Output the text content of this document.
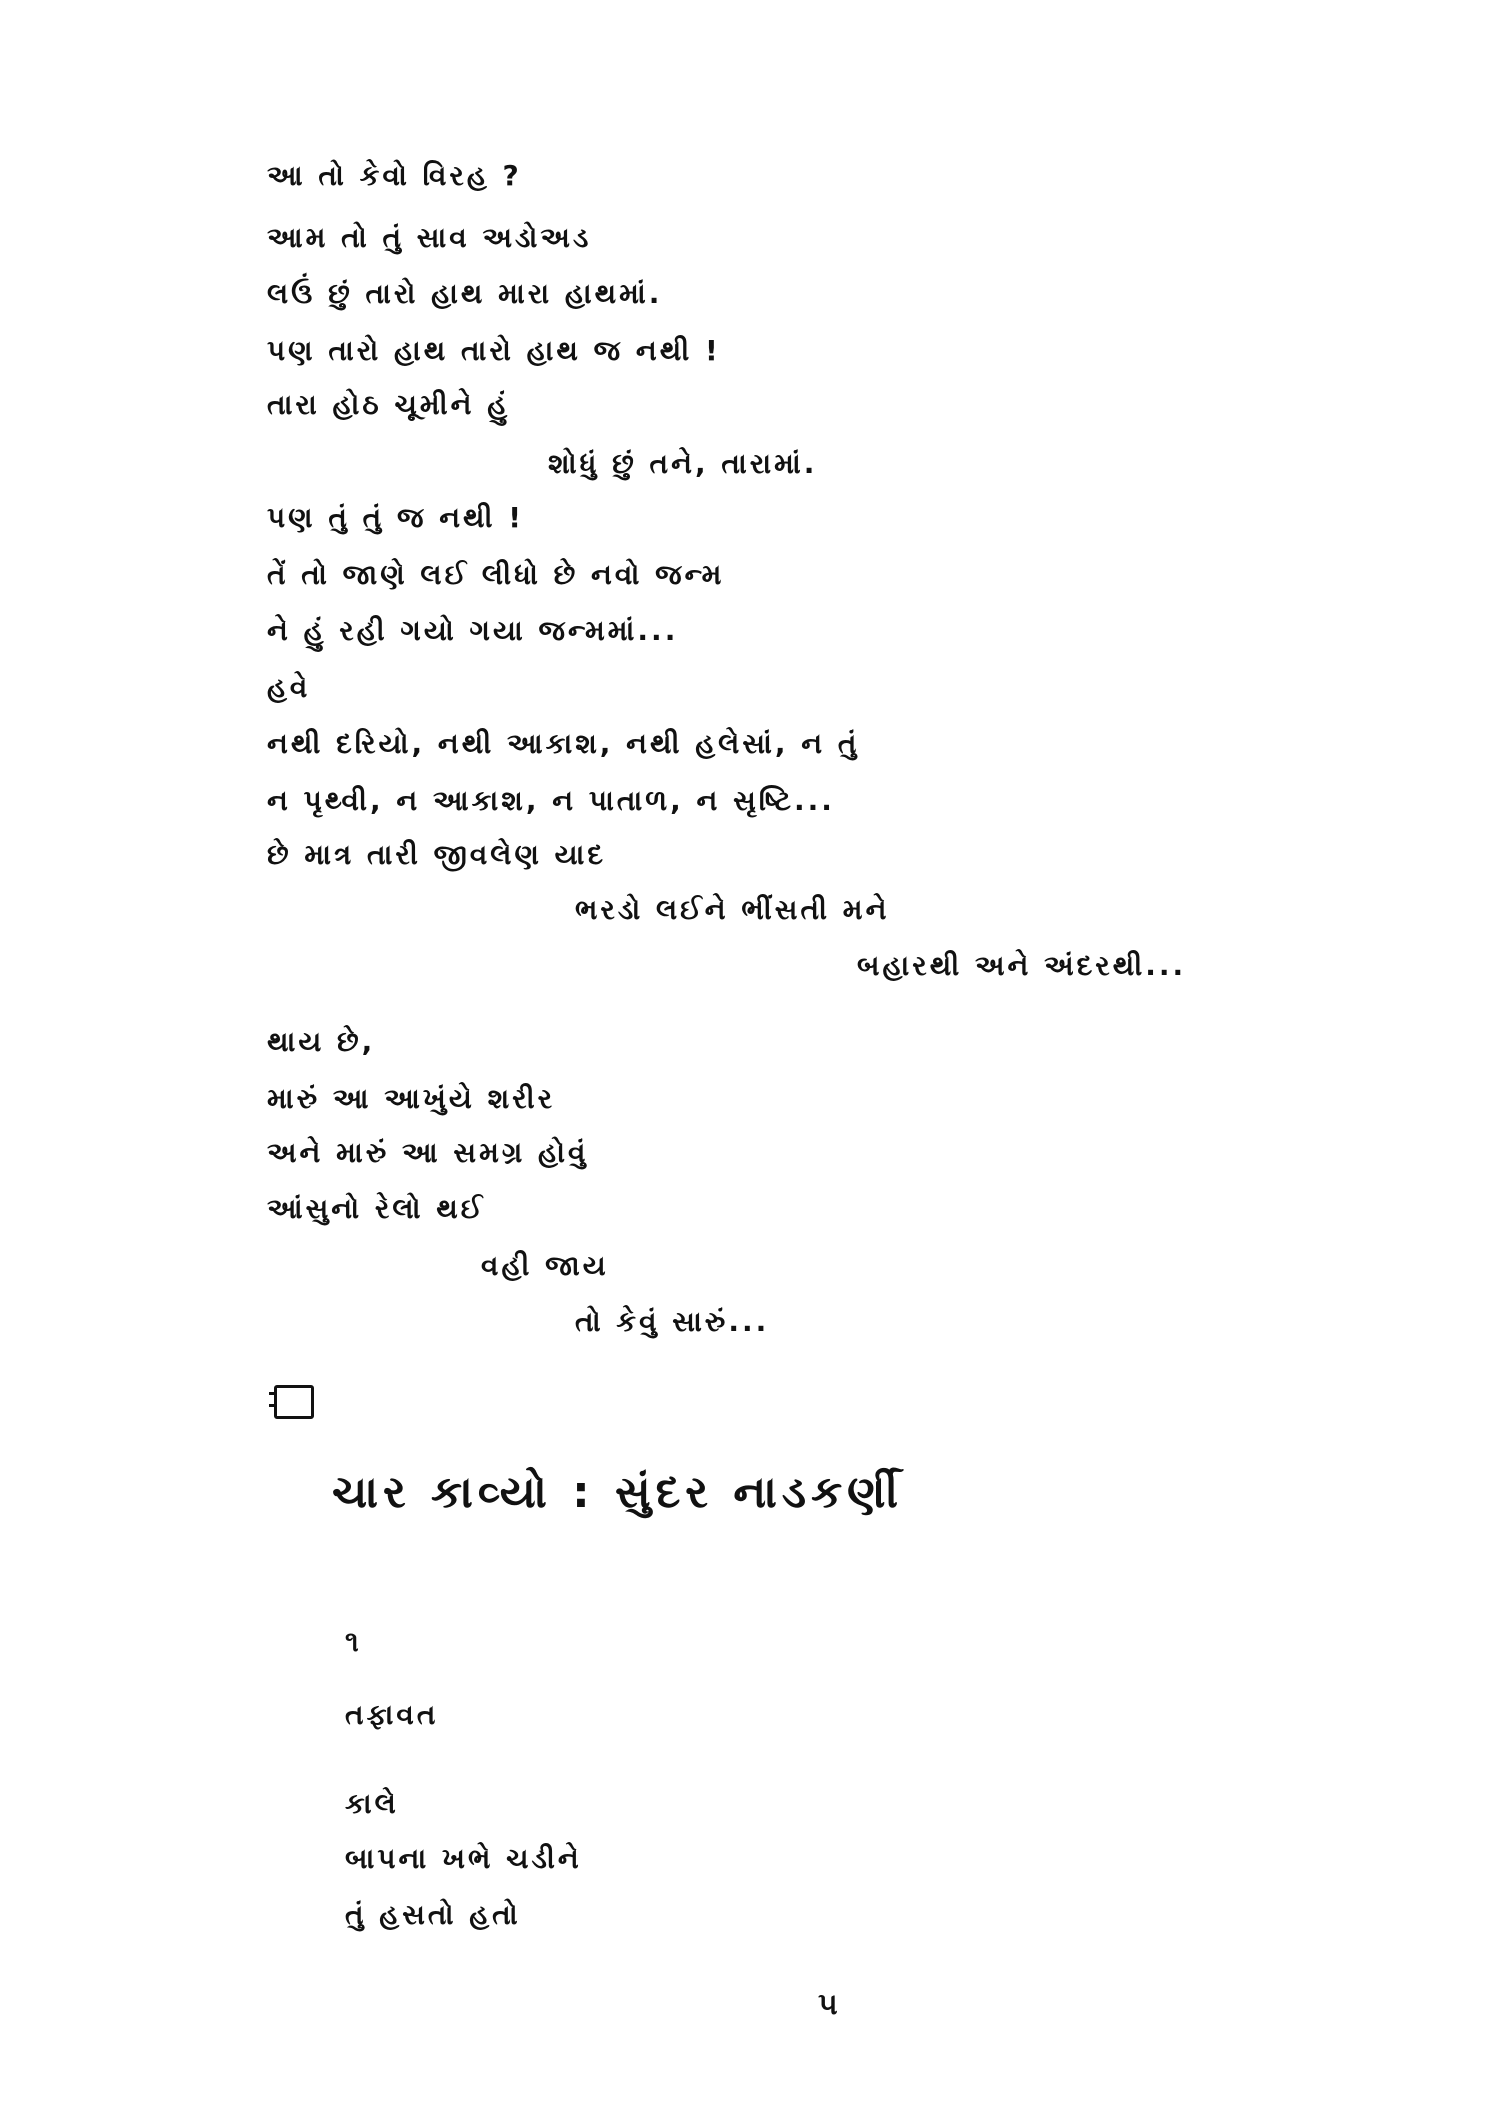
આ તો કેવો વિરહ ?
આમ તો તું સાવ અડોઅડ
લઉં છું તારો હાથ મારા હાથમાં.
પણ તારો હાથ તારો હાથ જ નથી !
તારા હોઠ ચૂમીને હું
શોધું છું તને, તારામાં.
પણ તું તું જ નથી !
તેં તો જાણે લઈ લીધો છે નવો જન્મ
ને હું રહી ગયો ગયા જન્મમાં...
હવે
નથી દરિયો, નથી આકાશ, નથી હલેસાં, ન તું
ન પૃથ્વી, ન આકાશ, ન પાતાળ, ન સૃષ્ટિ...
છે માત્ર તારી જીવલેણ યાદ
ભરડો લઈને ભીંસતી મને
બહારથી અને અંદરથી...
થાય છે,
મારું આ આખુંયે શરીર
અને મારું આ સમગ્ર હોવું
આંસુનો રેલો થઈ
વહી જાય
તો કેવું સારું...
ચાર કાવ્યો : સુંદર નાડકર્ણી
૧
તફાવત
કાલે
બાપના ખભે ચડીને
તું હસતો હતો
૫
